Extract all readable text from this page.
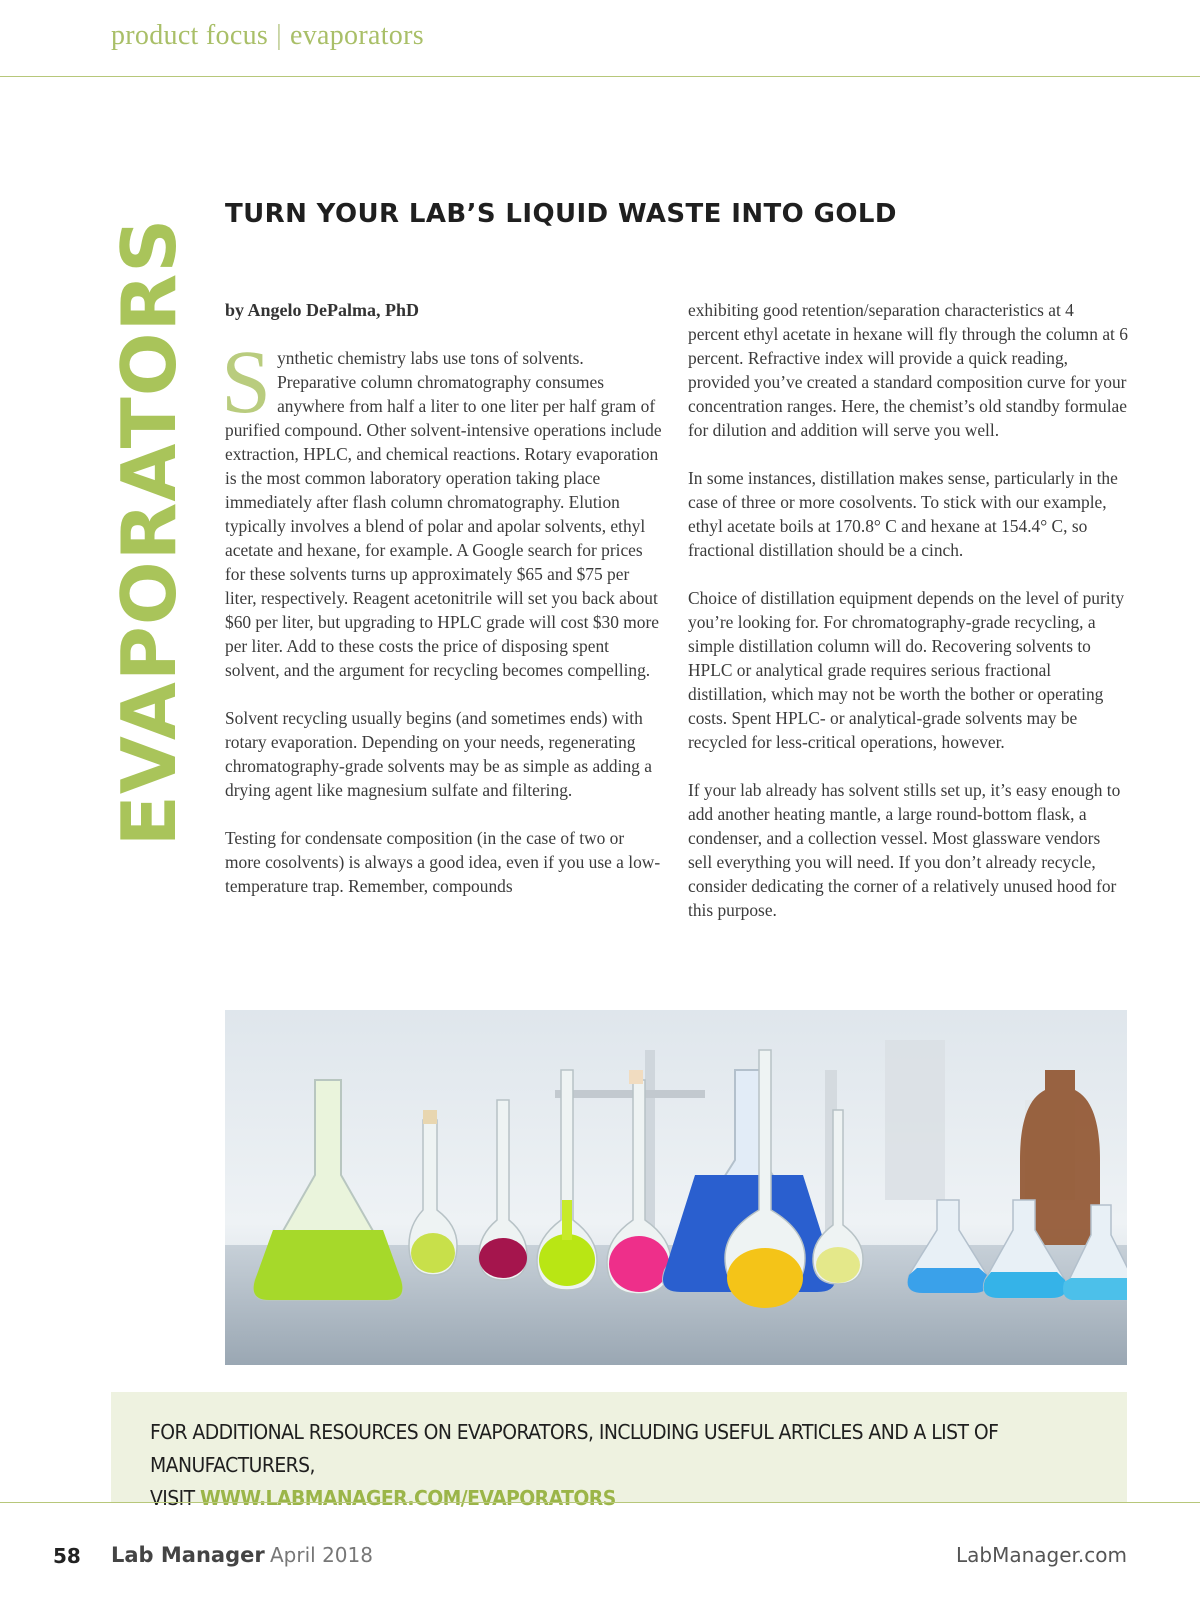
product focus | evaporators
EVAPORATORS
TURN YOUR LAB’S LIQUID WASTE INTO GOLD

by Angelo DePalma, PhD

Synthetic chemistry labs use tons of solvents. Preparative column chromatography consumes anywhere from half a liter to one liter per half gram of purified compound. Other solvent-intensive operations include extraction, HPLC, and chemical reactions. Rotary evaporation is the most common laboratory operation taking place immediately after flash column chromatography. Elution typically involves a blend of polar and apolar solvents, ethyl acetate and hexane, for example. A Google search for prices for these solvents turns up approximately $65 and $75 per liter, respectively. Reagent acetonitrile will set you back about $60 per liter, but upgrading to HPLC grade will cost $30 more per liter. Add to these costs the price of disposing spent solvent, and the argument for recycling becomes compelling.

Solvent recycling usually begins (and sometimes ends) with rotary evaporation. Depending on your needs, regenerating chromatography-grade solvents may be as simple as adding a drying agent like magnesium sulfate and filtering.

Testing for condensate composition (in the case of two or more cosolvents) is always a good idea, even if you use a low-temperature trap. Remember, compounds

exhibiting good retention/separation characteristics at 4 percent ethyl acetate in hexane will fly through the column at 6 percent. Refractive index will provide a quick reading, provided you’ve created a standard composition curve for your concentration ranges. Here, the chemist’s old standby formulae for dilution and addition will serve you well.

In some instances, distillation makes sense, particularly in the case of three or more cosolvents. To stick with our example, ethyl acetate boils at 170.8° C and hexane at 154.4° C, so fractional distillation should be a cinch.

Choice of distillation equipment depends on the level of purity you’re looking for. For chromatography-grade recycling, a simple distillation column will do. Recovering solvents to HPLC or analytical grade requires serious fractional distillation, which may not be worth the bother or operating costs. Spent HPLC- or analytical-grade solvents may be recycled for less-critical operations, however.

If your lab already has solvent stills set up, it’s easy enough to add another heating mantle, a large round-bottom flask, a condenser, and a collection vessel. Most glassware vendors sell everything you will need. If you don’t already recycle, consider dedicating the corner of a relatively unused hood for this purpose.

FOR ADDITIONAL RESOURCES ON EVAPORATORS, INCLUDING USEFUL ARTICLES AND A LIST OF MANUFACTURERS,
VISIT WWW.LABMANAGER.COM/EVAPORATORS
58 Lab Manager April 2018	LabManager.com
